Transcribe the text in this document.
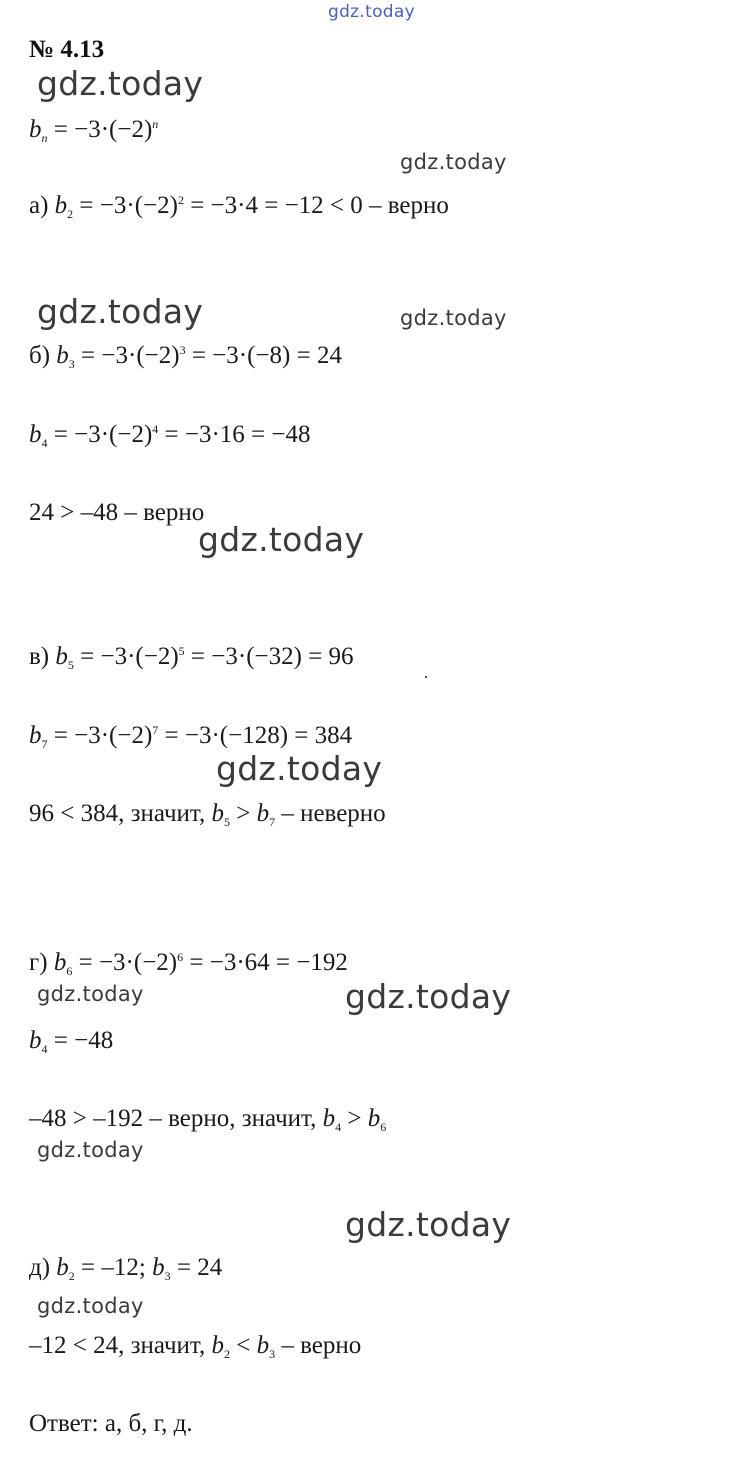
gdz.today
gdz.today
gdz.today
gdz.today	gdz.today
gdz.today
gdz.today
gdz.today	gdz.today
gdz.today
gdz.today
gdz.today
№ 4.13
$b_n = -3\cdot(-2)^n$
а) $b_2 = -3\cdot(-2)^2 = -3\cdot 4 = -12 < 0$ – верно
б) $b_3 = -3\cdot(-2)^3 = -3\cdot(-8) = 24$
$b_4 = -3\cdot(-2)^4 = -3\cdot 16 = -48$
24 > –48 – верно
в) $b_5 = -3\cdot(-2)^5 = -3\cdot(-32) = 96$
$b_7 = -3\cdot(-2)^7 = -3\cdot(-128) = 384$
96 < 384, значит, $b_5 > b_7$ – неверно
г) $b_6 = -3\cdot(-2)^6 = -3\cdot 64 = -192$
$b_4 = -48$
–48 > –192 – верно, значит, $b_4 > b_6$
д) $b_2 = -12$; $b_3 = 24$
–12 < 24, значит, $b_2 < b_3$ – верно
Ответ: а, б, г, д.
